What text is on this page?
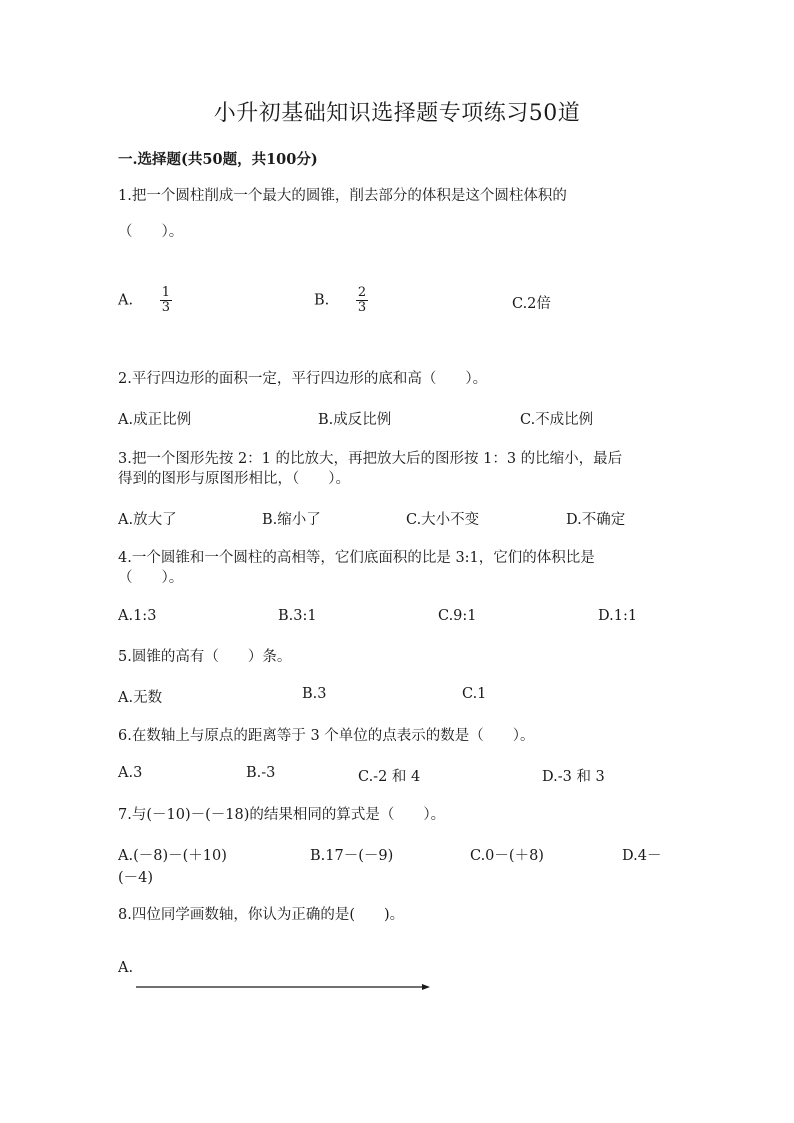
小升初基础知识选择题专项练习50道
一.选择题(共50题，共100分)
1.把一个圆柱削成一个最大的圆锥，削去部分的体积是这个圆柱体积的
（　　）。
A. $\frac{1}{3}$	B. $\frac{2}{3}$	C.2倍
2.平行四边形的面积一定，平行四边形的底和高（　　）。
A.成正比例	B.成反比例	C.不成比例
3.把一个图形先按 2：1 的比放大，再把放大后的图形按 1：3 的比缩小，最后
得到的图形与原图形相比，（　　）。
A.放大了	B.缩小了	C.大小不变	D.不确定
4.一个圆锥和一个圆柱的高相等，它们底面积的比是 3:1，它们的体积比是
（　　）。
A.1:3	B.3:1	C.9:1	D.1:1
5.圆锥的高有（　　）条。
A.无数	B.3	C.1
6.在数轴上与原点的距离等于 3 个单位的点表示的数是（　　）。
A.3	B.-3	C.-2 和 4	D.-3 和 3
7.与(－10)－(－18)的结果相同的算式是（　　）。
A.(－8)－(＋10)	B.17－(－9)	C.0－(＋8)	D.4－
(－4)
8.四位同学画数轴，你认为正确的是(　　)。
A.
